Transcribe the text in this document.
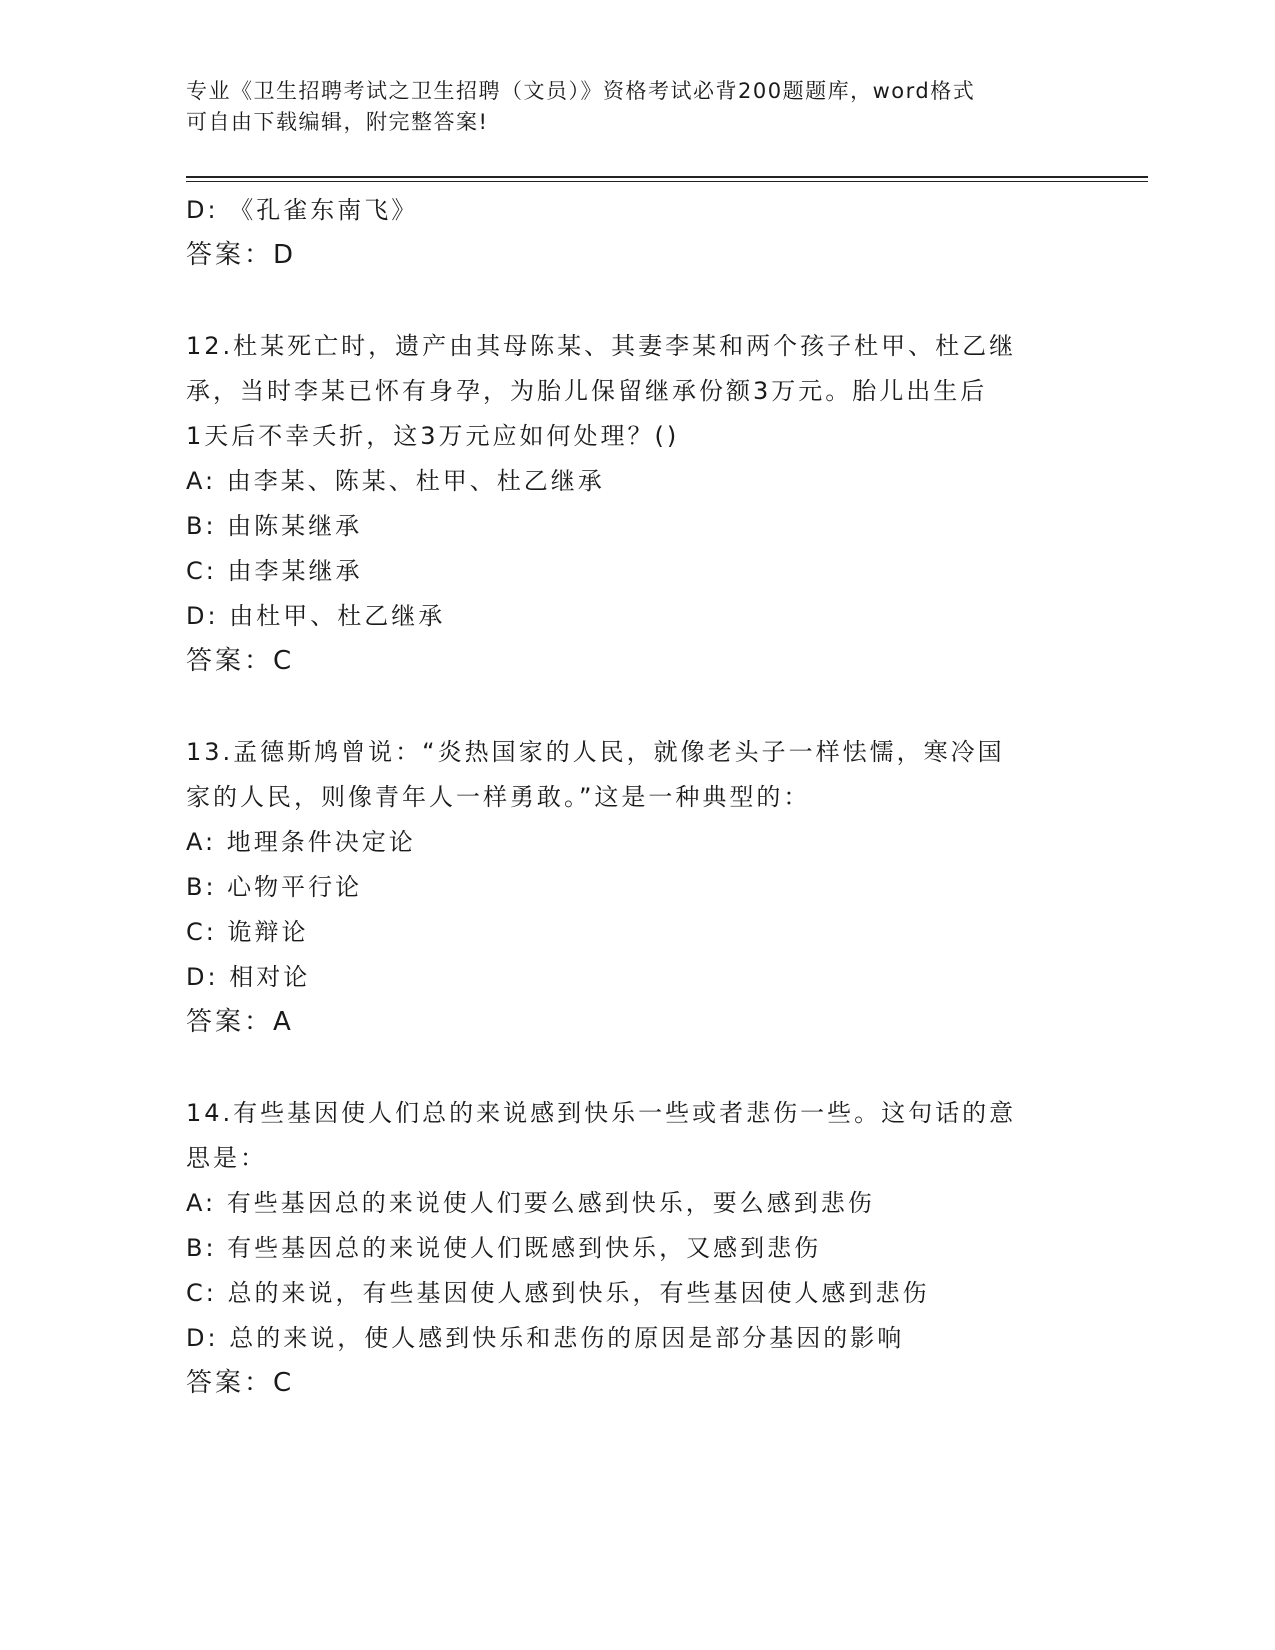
专业《卫生招聘考试之卫生招聘（文员）》资格考试必背200题题库，word格式
可自由下载编辑，附完整答案!
D: 《孔雀东南飞》
答案：D
12.杜某死亡时，遗产由其母陈某、其妻李某和两个孩子杜甲、杜乙继
承，当时李某已怀有身孕，为胎儿保留继承份额3万元。胎儿出生后
1天后不幸夭折，这3万元应如何处理？()
A: 由李某、陈某、杜甲、杜乙继承
B: 由陈某继承
C: 由李某继承
D: 由杜甲、杜乙继承
答案：C
13.孟德斯鸠曾说：“炎热国家的人民，就像老头子一样怯懦，寒冷国
家的人民，则像青年人一样勇敢。”这是一种典型的：
A: 地理条件决定论
B: 心物平行论
C: 诡辩论
D: 相对论
答案：A
14.有些基因使人们总的来说感到快乐一些或者悲伤一些。这句话的意
思是：
A: 有些基因总的来说使人们要么感到快乐，要么感到悲伤
B: 有些基因总的来说使人们既感到快乐，又感到悲伤
C: 总的来说，有些基因使人感到快乐，有些基因使人感到悲伤
D: 总的来说，使人感到快乐和悲伤的原因是部分基因的影响
答案：C
